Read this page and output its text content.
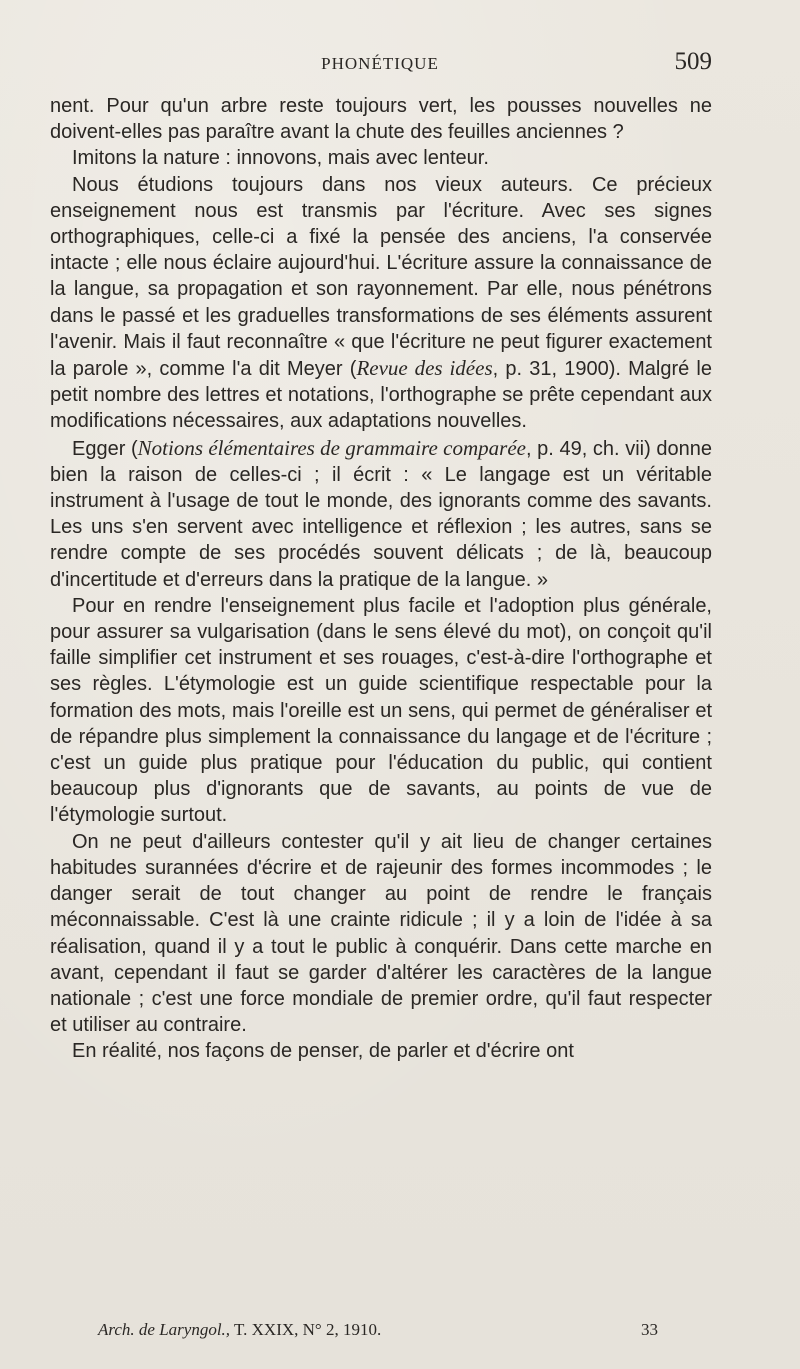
PHONÉTIQUE	509

nent. Pour qu'un arbre reste toujours vert, les pousses nouvelles ne doivent-elles pas paraître avant la chute des feuilles anciennes ?

Imitons la nature : innovons, mais avec lenteur.

Nous étudions toujours dans nos vieux auteurs. Ce précieux enseignement nous est transmis par l'écriture. Avec ses signes orthographiques, celle-ci a fixé la pensée des anciens, l'a conservée intacte ; elle nous éclaire aujourd'hui. L'écriture assure la connaissance de la langue, sa propagation et son rayonnement. Par elle, nous pénétrons dans le passé et les graduelles transformations de ses éléments assurent l'avenir. Mais il faut reconnaître « que l'écriture ne peut figurer exactement la parole », comme l'a dit Meyer (Revue des idées, p. 31, 1900). Malgré le petit nombre des lettres et notations, l'orthographe se prête cependant aux modifications nécessaires, aux adaptations nouvelles.

Egger (Notions élémentaires de grammaire comparée, p. 49, ch. vii) donne bien la raison de celles-ci ; il écrit : « Le langage est un véritable instrument à l'usage de tout le monde, des ignorants comme des savants. Les uns s'en servent avec intelligence et réflexion ; les autres, sans se rendre compte de ses procédés souvent délicats ; de là, beaucoup d'incertitude et d'erreurs dans la pratique de la langue. »

Pour en rendre l'enseignement plus facile et l'adoption plus générale, pour assurer sa vulgarisation (dans le sens élevé du mot), on conçoit qu'il faille simplifier cet instrument et ses rouages, c'est-à-dire l'orthographe et ses règles. L'étymologie est un guide scientifique respectable pour la formation des mots, mais l'oreille est un sens, qui permet de généraliser et de répandre plus simplement la connaissance du langage et de l'écriture ; c'est un guide plus pratique pour l'éducation du public, qui contient beaucoup plus d'ignorants que de savants, au points de vue de l'étymologie surtout.

On ne peut d'ailleurs contester qu'il y ait lieu de changer certaines habitudes surannées d'écrire et de rajeunir des formes incommodes ; le danger serait de tout changer au point de rendre le français méconnaissable. C'est là une crainte ridicule ; il y a loin de l'idée à sa réalisation, quand il y a tout le public à conquérir. Dans cette marche en avant, cependant il faut se garder d'altérer les caractères de la langue nationale ; c'est une force mondiale de premier ordre, qu'il faut respecter et utiliser au contraire.

En réalité, nos façons de penser, de parler et d'écrire ont

Arch. de Laryngol., T. XXIX, N° 2, 1910.	33
